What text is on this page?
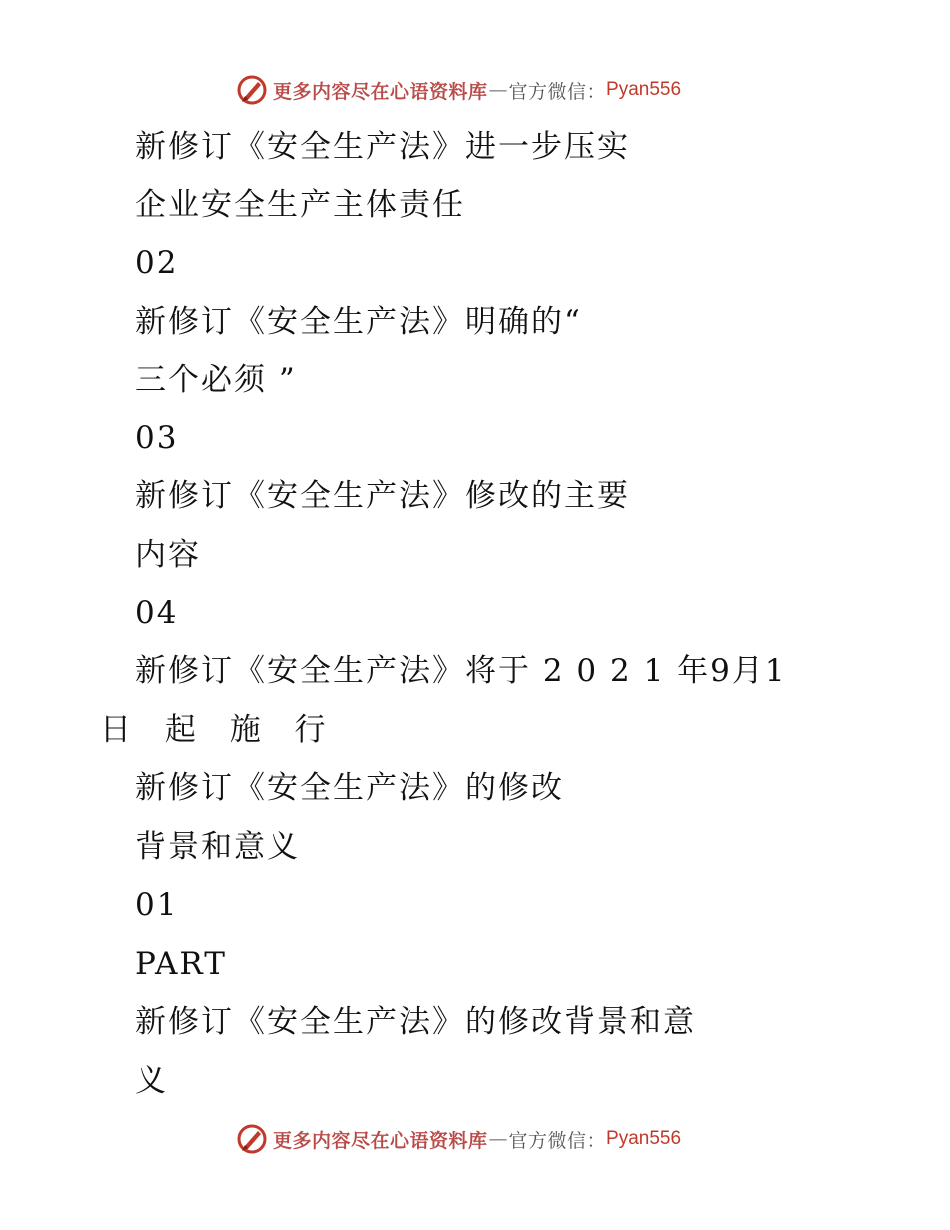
更多内容尽在心语资料库 — 官方微信： Pyan556
新修订《安全生产法》进一步压实
企业安全生产主体责任
02
新修订《安全生产法》明确的“
三个必须 ”
03
新修订《安全生产法》修改的主要
内容
04
新修订《安全生产法》将于 2 0 2 1 年9月1
日 起 施 行
新修订《安全生产法》的修改
背景和意义
01
PART
新修订《安全生产法》的修改背景和意
义
更多内容尽在心语资料库 — 官方微信： Pyan556
